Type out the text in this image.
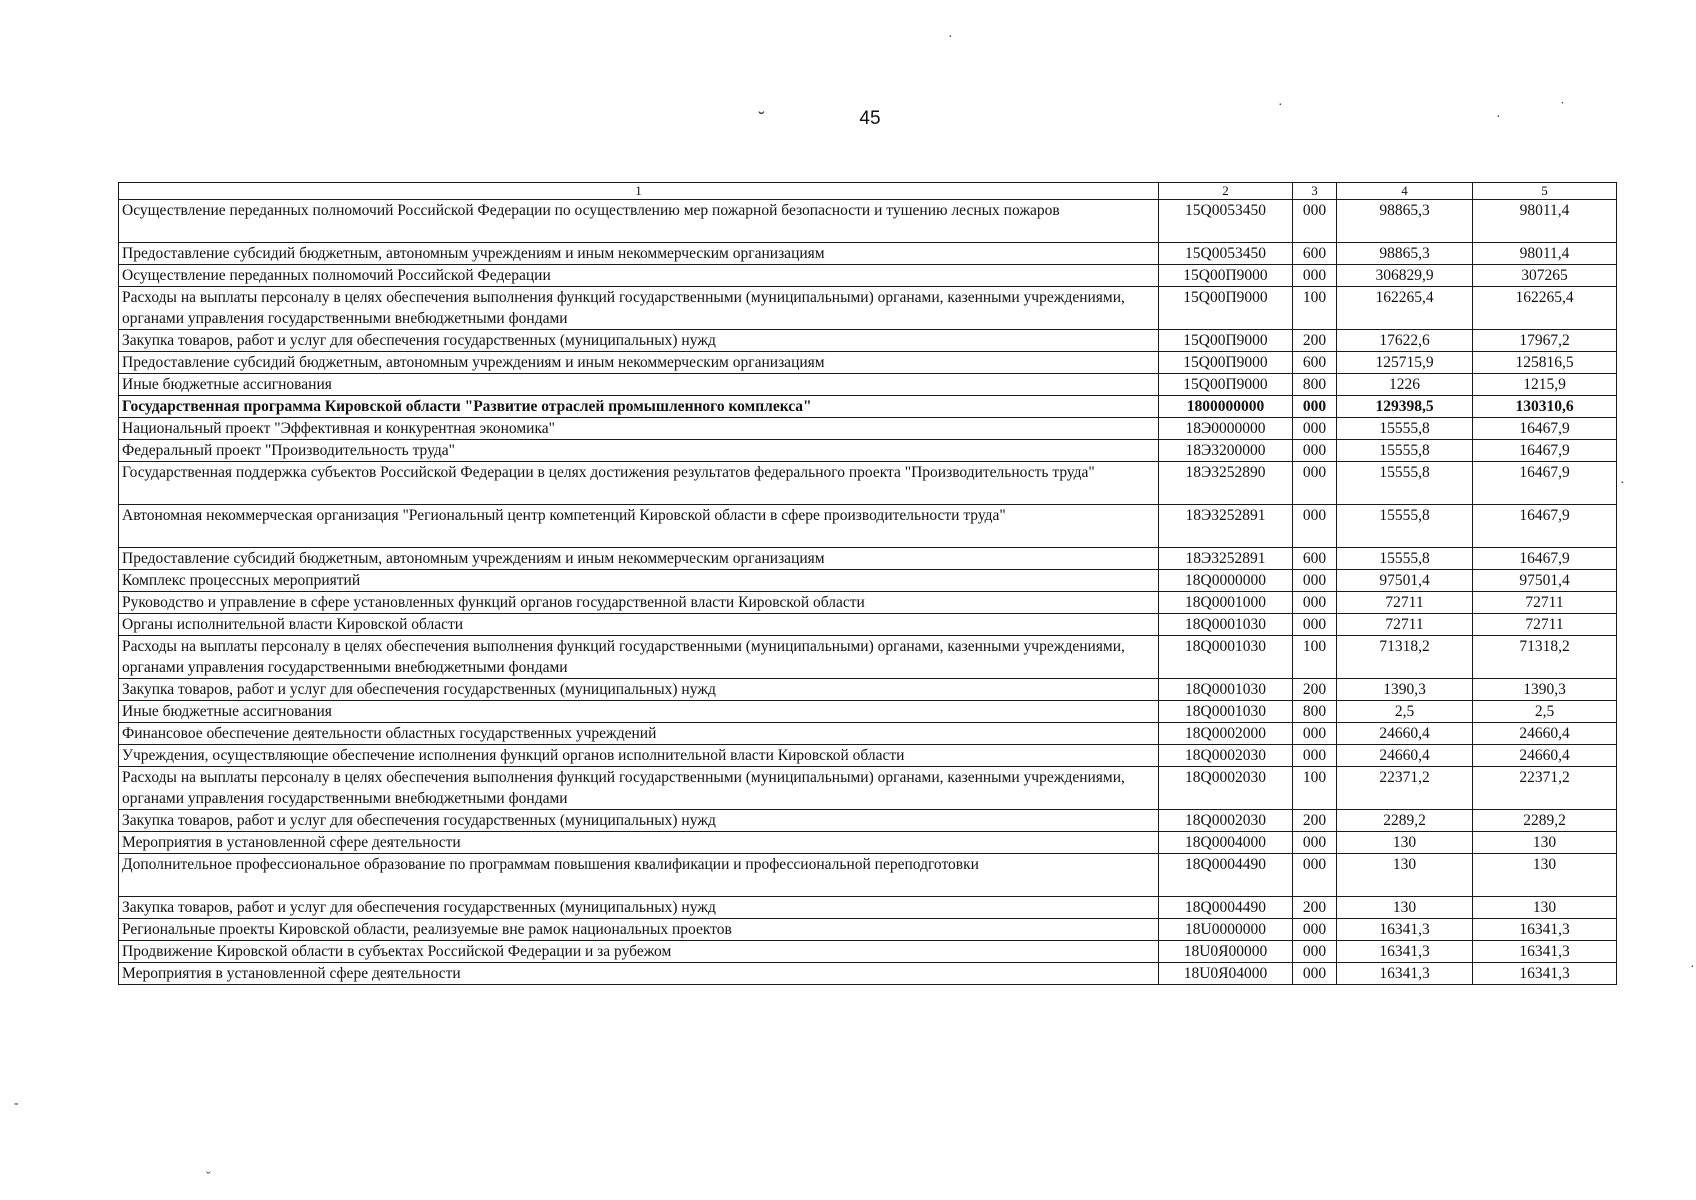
˘
·
·
·
˙
·
·
-
ˇ
45
1	2	3	4	5
Осуществление переданных полномочий Российской Федерации по осуществлению мер пожарной безопасности и тушению лесных пожаров	15Q0053450	000	98865,3	98011,4
Предоставление субсидий бюджетным, автономным учреждениям и иным некоммерческим организациям	15Q0053450	600	98865,3	98011,4
Осуществление переданных полномочий Российской Федерации	15Q00П9000	000	306829,9	307265
Расходы на выплаты персоналу в целях обеспечения выполнения функций государственными (муниципальными) органами, казенными учреждениями, органами управления государственными внебюджетными фондами	15Q00П9000	100	162265,4	162265,4
Закупка товаров, работ и услуг для обеспечения государственных (муниципальных) нужд	15Q00П9000	200	17622,6	17967,2
Предоставление субсидий бюджетным, автономным учреждениям и иным некоммерческим организациям	15Q00П9000	600	125715,9	125816,5
Иные бюджетные ассигнования	15Q00П9000	800	1226	1215,9
Государственная программа Кировской области "Развитие отраслей промышленного комплекса"	1800000000	000	129398,5	130310,6
Национальный проект "Эффективная и конкурентная экономика"	18Э0000000	000	15555,8	16467,9
Федеральный проект "Производительность труда"	18Э3200000	000	15555,8	16467,9
Государственная поддержка субъектов Российской Федерации в целях достижения результатов федерального проекта "Производительность труда"	18Э3252890	000	15555,8	16467,9
Автономная некоммерческая организация "Региональный центр компетенций Кировской области в сфере производительности труда"	18Э3252891	000	15555,8	16467,9
Предоставление субсидий бюджетным, автономным учреждениям и иным некоммерческим организациям	18Э3252891	600	15555,8	16467,9
Комплекс процессных мероприятий	18Q0000000	000	97501,4	97501,4
Руководство и управление в сфере установленных функций органов государственной власти Кировской области	18Q0001000	000	72711	72711
Органы исполнительной власти Кировской области	18Q0001030	000	72711	72711
Расходы на выплаты персоналу в целях обеспечения выполнения функций государственными (муниципальными) органами, казенными учреждениями, органами управления государственными внебюджетными фондами	18Q0001030	100	71318,2	71318,2
Закупка товаров, работ и услуг для обеспечения государственных (муниципальных) нужд	18Q0001030	200	1390,3	1390,3
Иные бюджетные ассигнования	18Q0001030	800	2,5	2,5
Финансовое обеспечение деятельности областных государственных учреждений	18Q0002000	000	24660,4	24660,4
Учреждения, осуществляющие обеспечение исполнения функций органов исполнительной власти Кировской области	18Q0002030	000	24660,4	24660,4
Расходы на выплаты персоналу в целях обеспечения выполнения функций государственными (муниципальными) органами, казенными учреждениями, органами управления государственными внебюджетными фондами	18Q0002030	100	22371,2	22371,2
Закупка товаров, работ и услуг для обеспечения государственных (муниципальных) нужд	18Q0002030	200	2289,2	2289,2
Мероприятия в установленной сфере деятельности	18Q0004000	000	130	130
Дополнительное профессиональное образование по программам повышения квалификации и профессиональной переподготовки	18Q0004490	000	130	130
Закупка товаров, работ и услуг для обеспечения государственных (муниципальных) нужд	18Q0004490	200	130	130
Региональные проекты Кировской области, реализуемые вне рамок национальных проектов	18U0000000	000	16341,3	16341,3
Продвижение Кировской области в субъектах Российской Федерации и за рубежом	18U0Я00000	000	16341,3	16341,3
Мероприятия в установленной сфере деятельности	18U0Я04000	000	16341,3	16341,3
